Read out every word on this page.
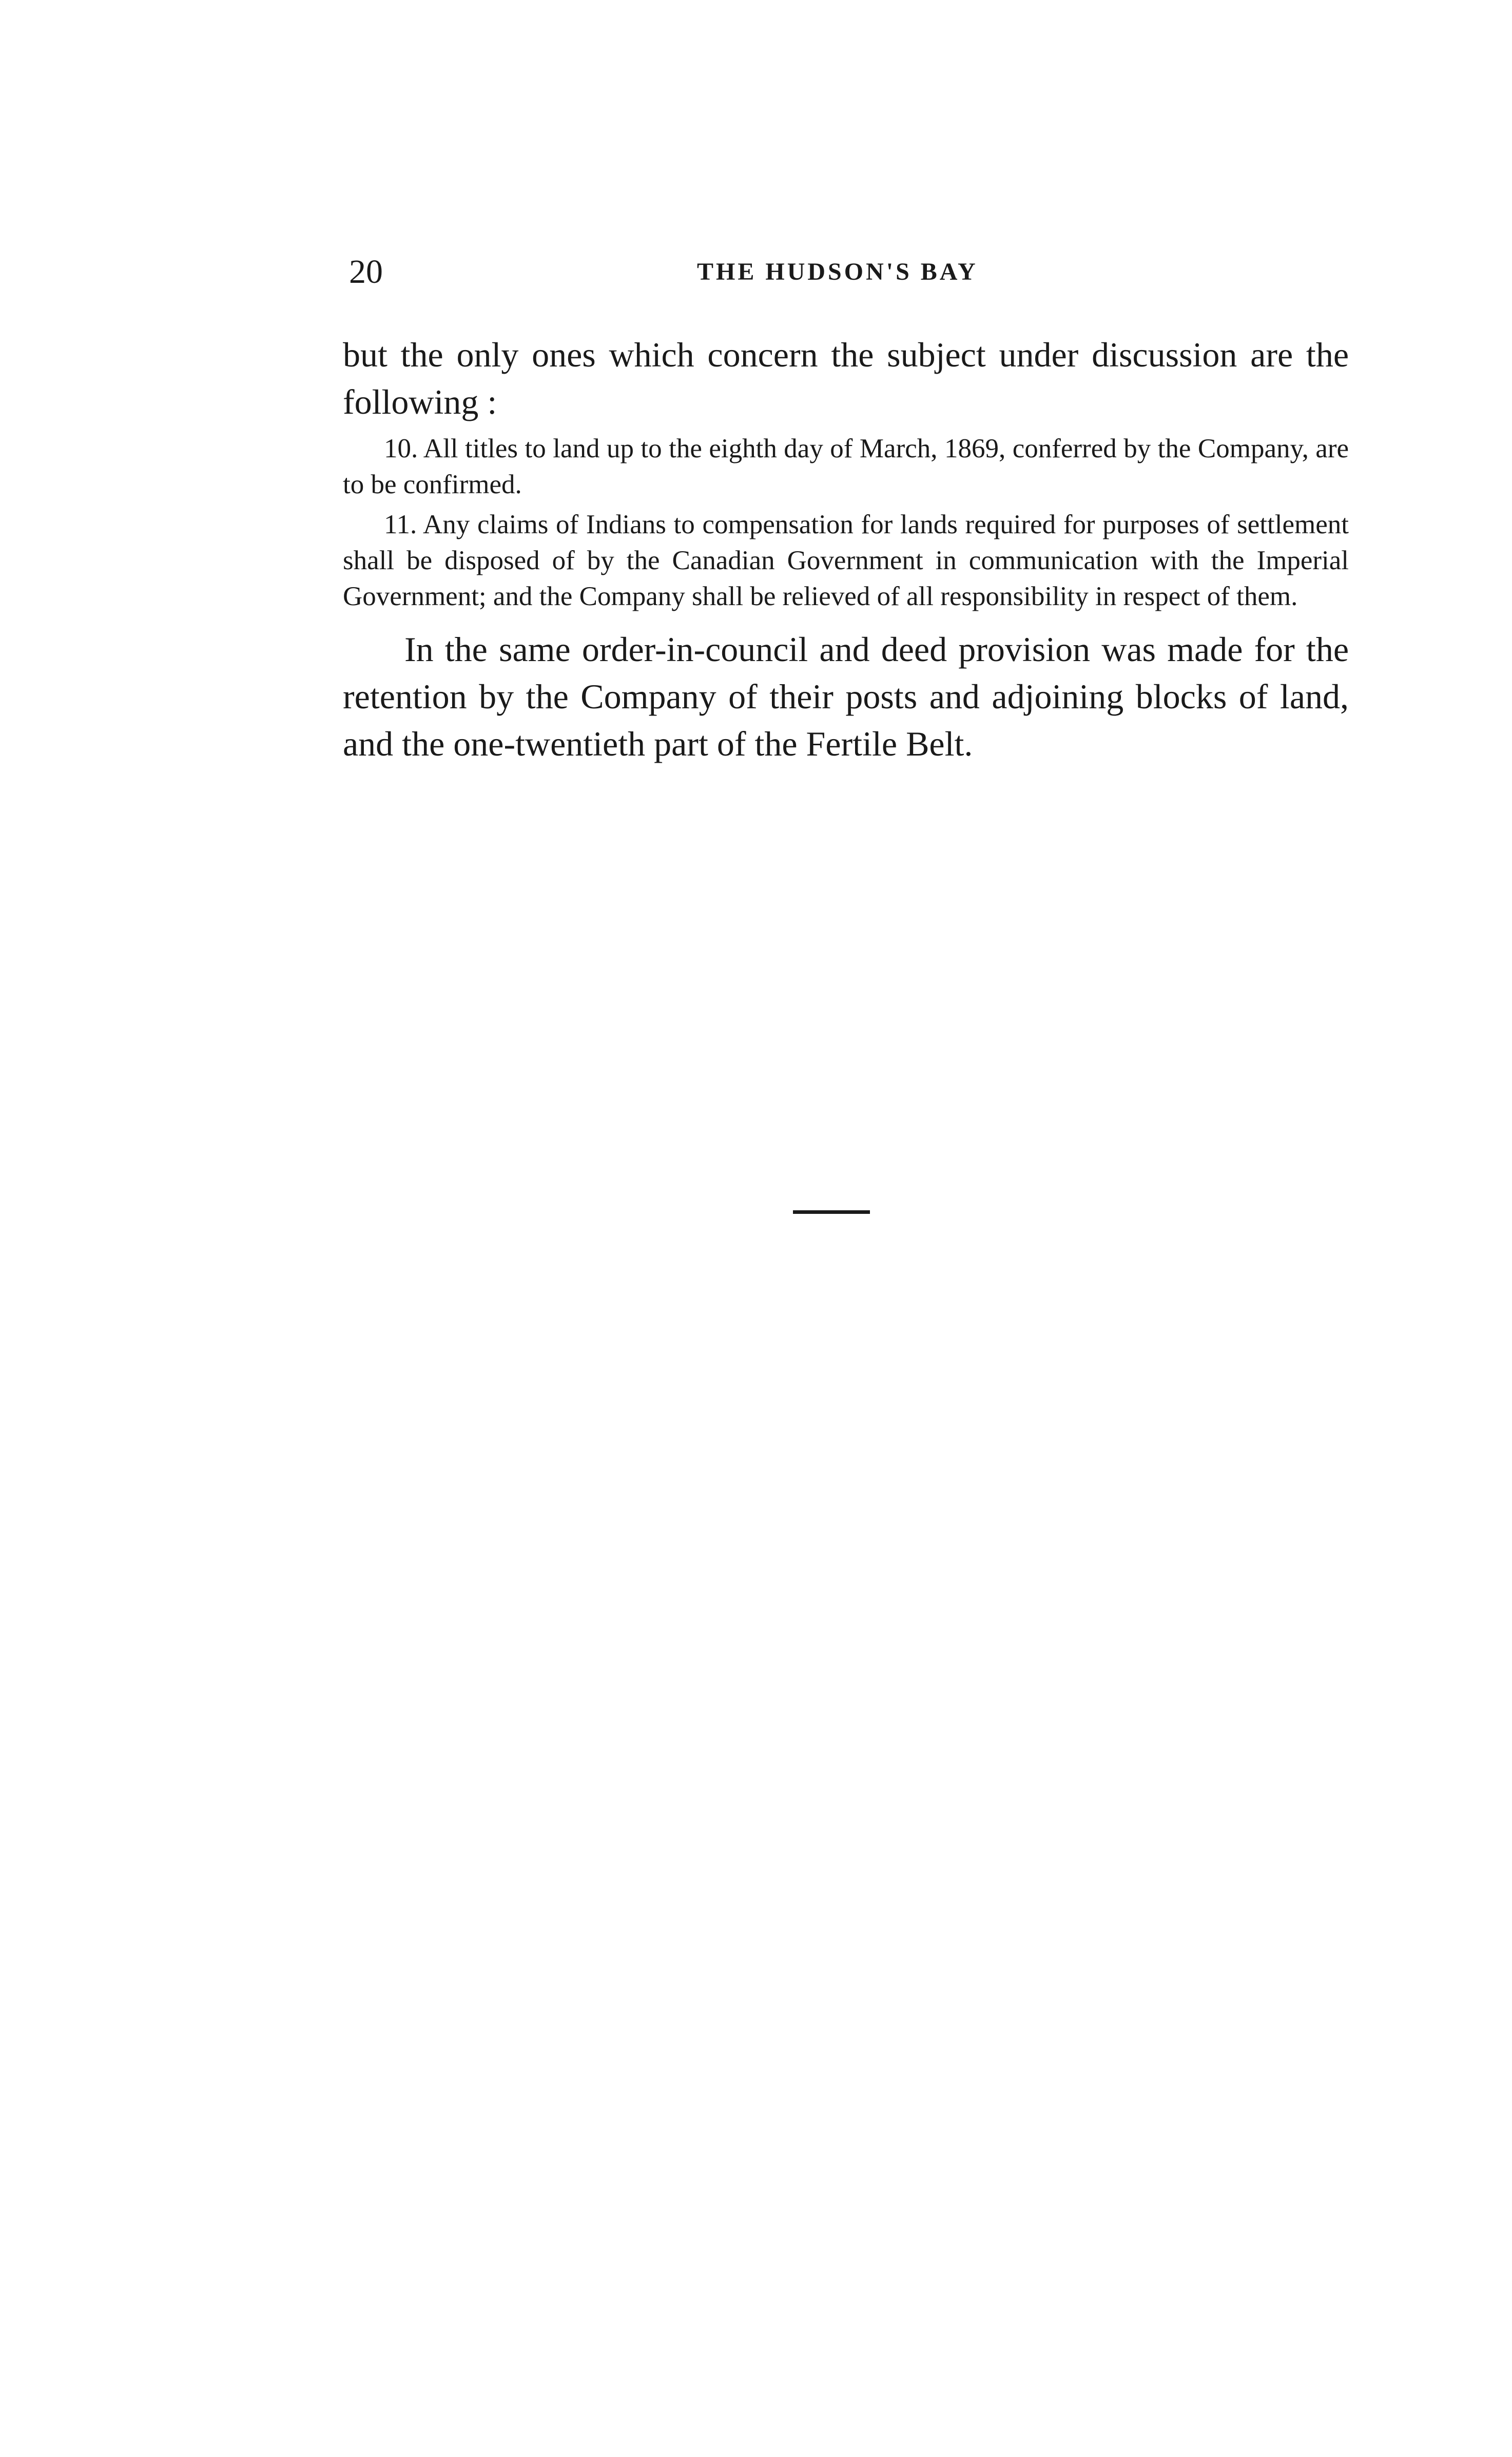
20	THE HUDSON'S BAY

but the only ones which concern the subject under discussion are the following :

10. All titles to land up to the eighth day of March, 1869, conferred by the Company, are to be confirmed.

11. Any claims of Indians to compensation for lands required for purposes of settlement shall be disposed of by the Canadian Government in communication with the Imperial Government; and the Company shall be relieved of all responsibility in respect of them.

In the same order-in-council and deed provision was made for the retention by the Company of their posts and adjoining blocks of land, and the one-twentieth part of the Fertile Belt.
